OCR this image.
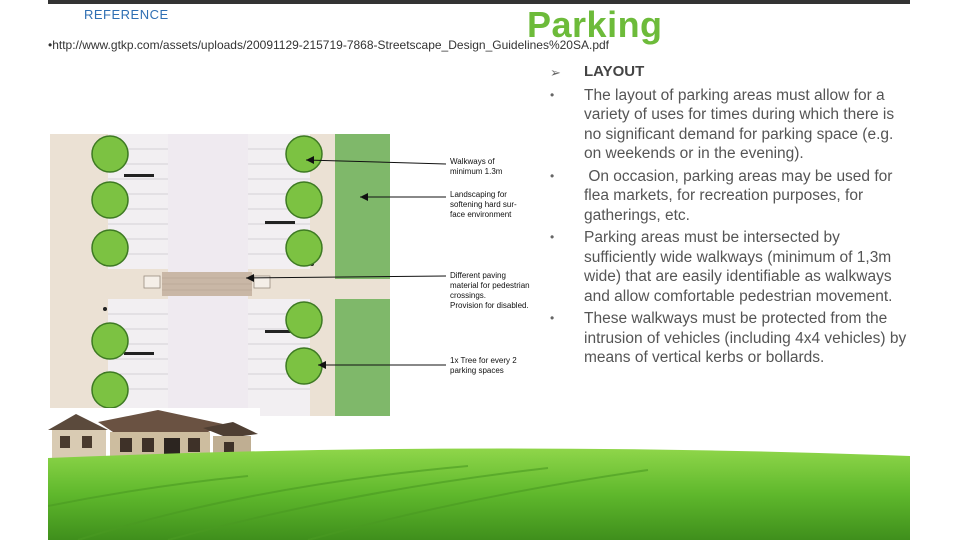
REFERENCE	Parking
•http://www.gtkp.com/assets/uploads/20091129-215719-7868-Streetscape_Design_Guidelines%20SA.pdf
Walkways of minimum 1.3m
Landscaping for softening hard sur- face environment
Different paving material for pedestrian crossings. Provision for disabled.
1x Tree for every 2 parking spaces
➢ LAYOUT
• The layout of parking areas must allow for a variety of uses for times during which there is no significant demand for parking space (e.g. on weekends or in the evening).
• On occasion, parking areas may be used for flea markets, for recreation purposes, for gatherings, etc.
• Parking areas must be intersected by sufficiently wide walkways (minimum of 1,3m wide) that are easily identifiable as walkways and allow comfortable pedestrian movement.
• These walkways must be protected from the intrusion of vehicles (including 4x4 vehicles) by means of vertical kerbs or bollards.
